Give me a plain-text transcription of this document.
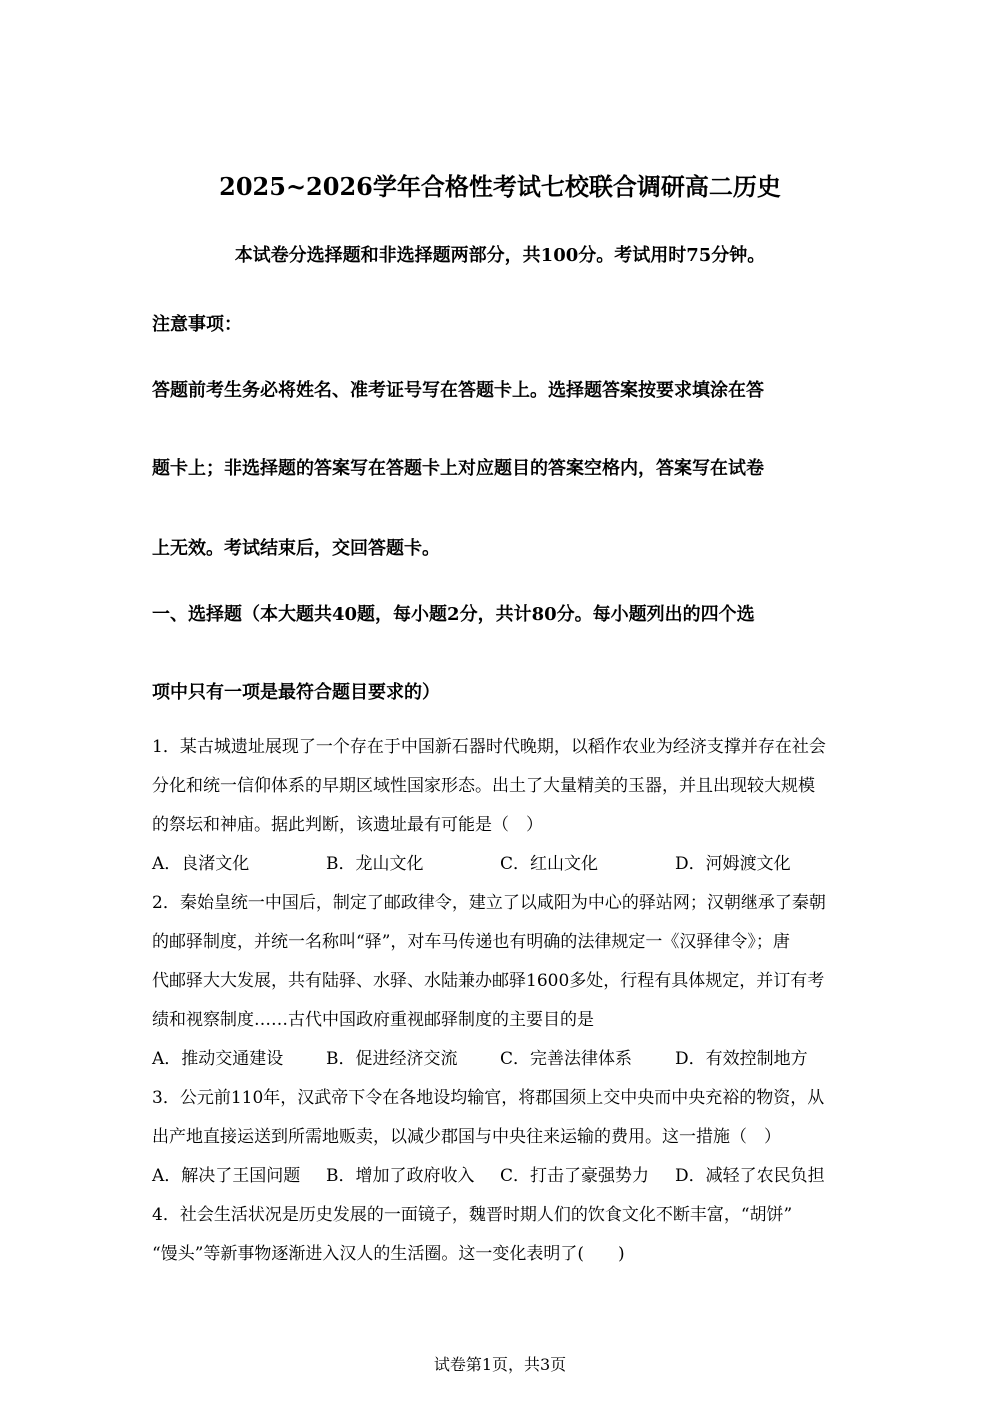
2025~2026学年合格性考试七校联合调研高二历史
本试卷分选择题和非选择题两部分，共100分。考试用时75分钟。
注意事项：
答题前考生务必将姓名、准考证号写在答题卡上。选择题答案按要求填涂在答
题卡上；非选择题的答案写在答题卡上对应题目的答案空格内，答案写在试卷
上无效。考试结束后，交回答题卡。
一、选择题（本大题共40题，每小题2分，共计80分。每小题列出的四个选
项中只有一项是最符合题目要求的）
1．某古城遗址展现了一个存在于中国新石器时代晚期，以稻作农业为经济支撑并存在社会
分化和统一信仰体系的早期区域性国家形态。出土了大量精美的玉器，并且出现较大规模
的祭坛和神庙。据此判断，该遗址最有可能是（　）
A．良渚文化	B．龙山文化	C．红山文化	D．河姆渡文化
2．秦始皇统一中国后，制定了邮政律令，建立了以咸阳为中心的驿站网；汉朝继承了秦朝
的邮驿制度，并统一名称叫“驿”，对车马传递也有明确的法律规定一《汉驿律令》；唐
代邮驿大大发展，共有陆驿、水驿、水陆兼办邮驿1600多处，行程有具体规定，并订有考
绩和视察制度……古代中国政府重视邮驿制度的主要目的是
A．推动交通建设	B．促进经济交流	C．完善法律体系	D．有效控制地方
3．公元前110年，汉武帝下令在各地设均输官，将郡国须上交中央而中央充裕的物资，从
出产地直接运送到所需地贩卖，以减少郡国与中央往来运输的费用。这一措施（　）
A．解决了王国问题 B．增加了政府收入 C．打击了豪强势力 D．减轻了农民负担
4．社会生活状况是历史发展的一面镜子，魏晋时期人们的饮食文化不断丰富，“胡饼”
“馒头”等新事物逐渐进入汉人的生活圈。这一变化表明了(　　)
试卷第1页，共3页
